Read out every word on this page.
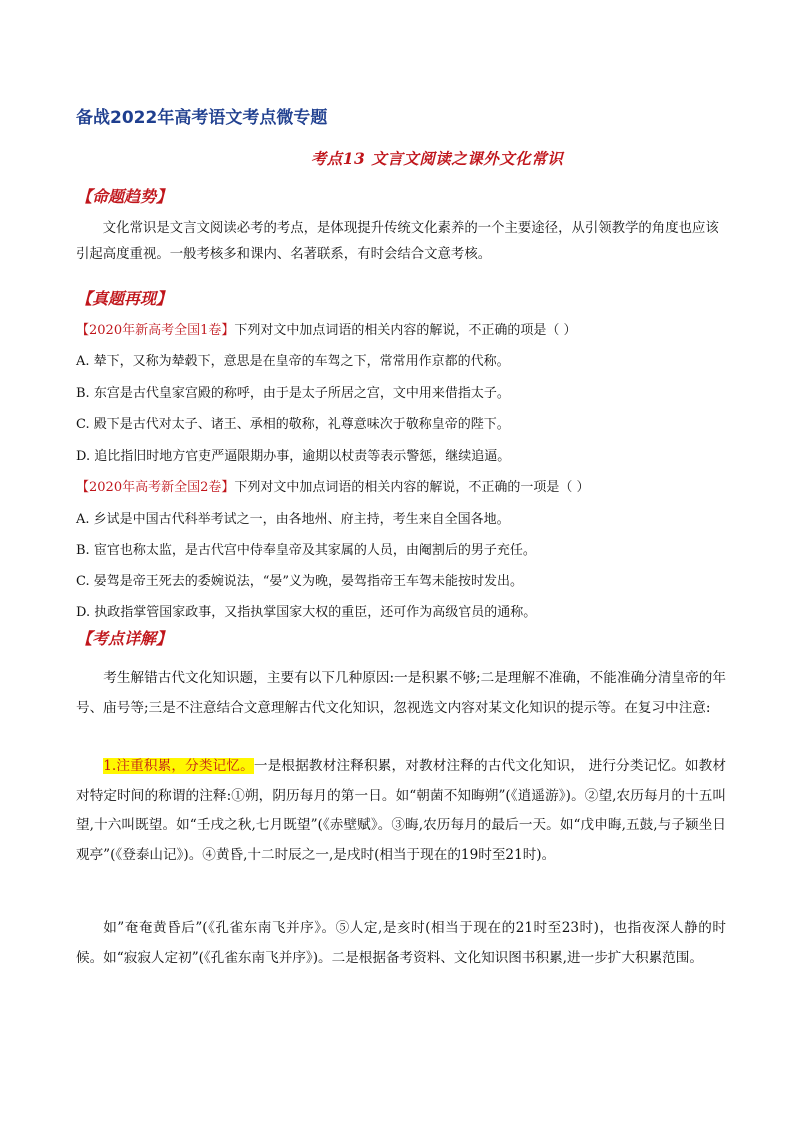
备战2022年高考语文考点微专题
考点13 文言文阅读之课外文化常识
【命题趋势】
文化常识是文言文阅读必考的考点，是体现提升传统文化素养的一个主要途径，从引领教学的角度也应该引起高度重视。一般考核多和课内、名著联系，有时会结合文意考核。
【真题再现】
【2020年新高考全国1卷】下列对文中加点词语的相关内容的解说，不正确的项是（ ）
A. 辇下，又称为辇毂下，意思是在皇帝的车驾之下，常常用作京都的代称。
B. 东宫是古代皇家宫殿的称呼，由于是太子所居之宫，文中用来借指太子。
C. 殿下是古代对太子、诸王、承相的敬称，礼尊意味次于敬称皇帝的陛下。
D. 追比指旧时地方官吏严逼限期办事，逾期以杖责等表示警惩，继续追逼。
【2020年高考新全国2卷】下列对文中加点词语的相关内容的解说，不正确的一项是（ ）
A. 乡试是中国古代科举考试之一，由各地州、府主持，考生来自全国各地。
B. 宦官也称太监，是古代宫中侍奉皇帝及其家属的人员，由阉割后的男子充任。
C. 晏驾是帝王死去的委婉说法，“晏”义为晚，晏驾指帝王车驾未能按时发出。
D. 执政指掌管国家政事，又指执掌国家大权的重臣，还可作为高级官员的通称。
【考点详解】
考生解错古代文化知识题，主要有以下几种原因:一是积累不够;二是理解不准确，不能准确分清皇帝的年号、庙号等;三是不注意结合文意理解古代文化知识，忽视选文内容对某文化知识的提示等。在复习中注意:
1.注重积累，分类记忆。一是根据教材注释积累，对教材注释的古代文化知识， 进行分类记忆。如教材对特定时间的称谓的注释:①朔，阴历每月的第一日。如“朝菌不知晦朔”(《逍遥游》)。②望,农历每月的十五叫望,十六叫既望。如“壬戌之秋,七月既望”(《赤壁赋》。③晦,农历每月的最后一天。如“戊申晦,五鼓,与子颍坐日观亭”(《登泰山记》)。④黄昏,十二时辰之一,是戌时(相当于现在的19时至21时)。
如”奄奄黄昏后”(《孔雀东南飞并序》。⑤人定,是亥时(相当于现在的21时至23时)，也指夜深人静的时候。如“寂寂人定初”(《孔雀东南飞并序》)。二是根据备考资料、文化知识图书积累,进一步扩大积累范围。
